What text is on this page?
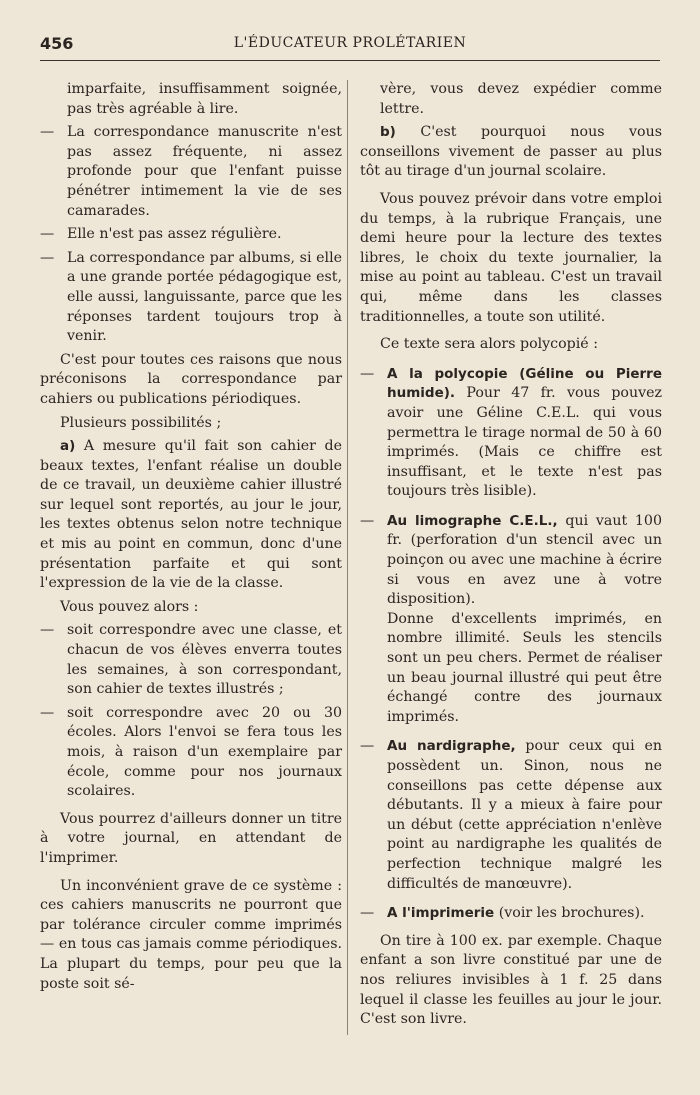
456	L'ÉDUCATEUR PROLÉTARIEN

imparfaite, insuffisamment soignée, pas très agréable à lire.

— La correspondance manuscrite n'est pas assez fréquente, ni assez profonde pour que l'enfant puisse pénétrer intimement la vie de ses camarades.

— Elle n'est pas assez régulière.

— La correspondance par albums, si elle a une grande portée pédagogique est, elle aussi, languissante, parce que les réponses tardent toujours trop à venir.

C'est pour toutes ces raisons que nous préconisons la correspondance par cahiers ou publications périodiques.

Plusieurs possibilités ;

a) A mesure qu'il fait son cahier de beaux textes, l'enfant réalise un double de ce travail, un deuxième cahier illustré sur lequel sont reportés, au jour le jour, les textes obtenus selon notre technique et mis au point en commun, donc d'une présentation parfaite et qui sont l'expression de la vie de la classe.

Vous pouvez alors :

— soit correspondre avec une classe, et chacun de vos élèves enverra toutes les semaines, à son correspondant, son cahier de textes illustrés ;

— soit correspondre avec 20 ou 30 écoles. Alors l'envoi se fera tous les mois, à raison d'un exemplaire par école, comme pour nos journaux scolaires.

Vous pourrez d'ailleurs donner un titre à votre journal, en attendant de l'imprimer.

Un inconvénient grave de ce système : ces cahiers manuscrits ne pourront que par tolérance circuler comme imprimés — en tous cas jamais comme périodiques. La plupart du temps, pour peu que la poste soit sé-

vère, vous devez expédier comme lettre.

b) C'est pourquoi nous vous conseillons vivement de passer au plus tôt au tirage d'un journal scolaire.

Vous pouvez prévoir dans votre emploi du temps, à la rubrique Français, une demi heure pour la lecture des textes libres, le choix du texte journalier, la mise au point au tableau. C'est un travail qui, même dans les classes traditionnelles, a toute son utilité.

Ce texte sera alors polycopié :

— A la polycopie (Géline ou Pierre humide). Pour 47 fr. vous pouvez avoir une Géline C.E.L. qui vous permettra le tirage normal de 50 à 60 imprimés. (Mais ce chiffre est insuffisant, et le texte n'est pas toujours très lisible).

— Au limographe C.E.L., qui vaut 100 fr. (perforation d'un stencil avec un poinçon ou avec une machine à écrire si vous en avez une à votre disposition).

Donne d'excellents imprimés, en nombre illimité. Seuls les stencils sont un peu chers. Permet de réaliser un beau journal illustré qui peut être échangé contre des journaux imprimés.

— Au nardigraphe, pour ceux qui en possèdent un. Sinon, nous ne conseillons pas cette dépense aux débutants. Il y a mieux à faire pour un début (cette appréciation n'enlève point au nardigraphe les qualités de perfection technique malgré les difficultés de manœuvre).

— A l'imprimerie (voir les brochures).

On tire à 100 ex. par exemple. Chaque enfant a son livre constitué par une de nos reliures invisibles à 1 f. 25 dans lequel il classe les feuilles au jour le jour. C'est son livre.
